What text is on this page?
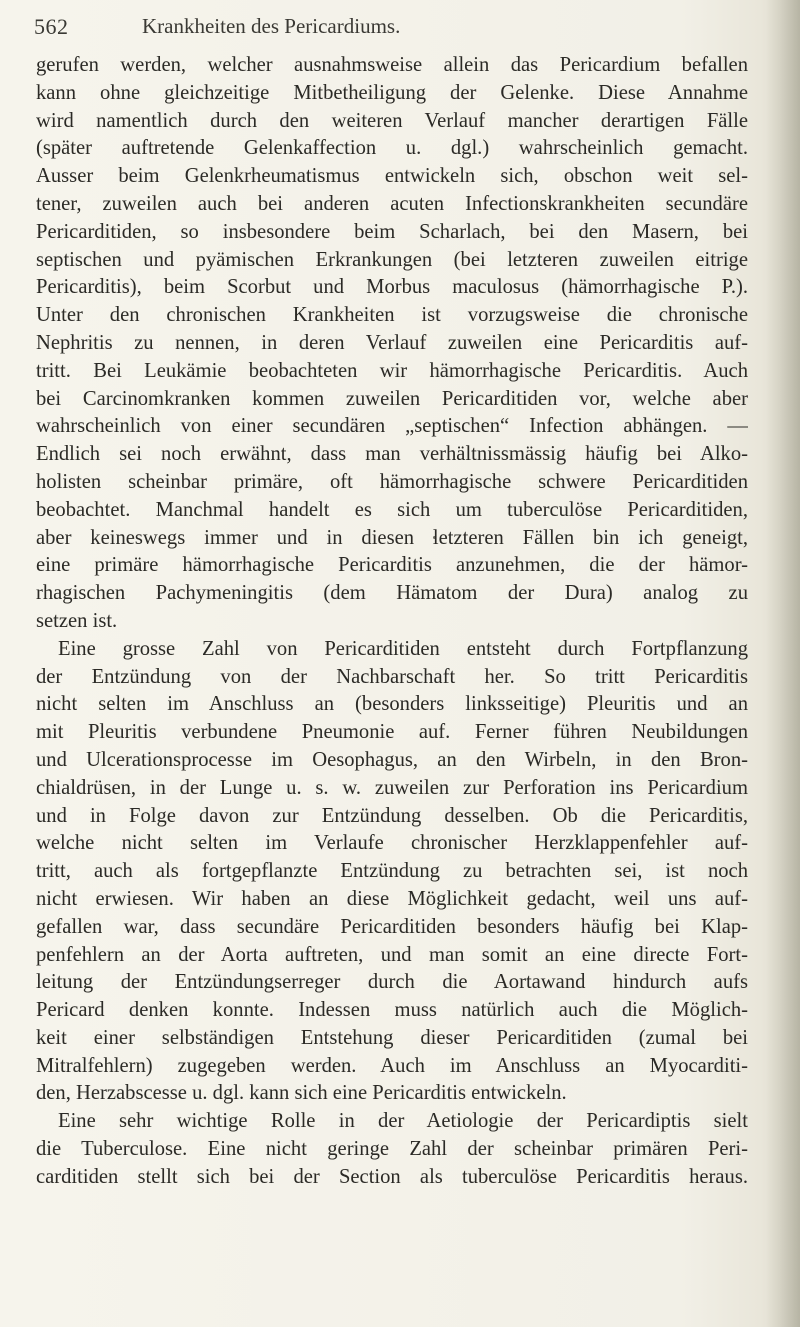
562	Krankheiten des Pericardiums.
gerufen werden, welcher ausnahmsweise allein das Pericardium befallen
kann ohne gleichzeitige Mitbetheiligung der Gelenke. Diese Annahme
wird namentlich durch den weiteren Verlauf mancher derartigen Fälle
(später auftretende Gelenkaffection u. dgl.) wahrscheinlich gemacht.
Ausser beim Gelenkrheumatismus entwickeln sich, obschon weit sel-
tener, zuweilen auch bei anderen acuten Infectionskrankheiten secundäre
Pericarditiden, so insbesondere beim Scharlach, bei den Masern, bei
septischen und pyämischen Erkrankungen (bei letzteren zuweilen eitrige
Pericarditis), beim Scorbut und Morbus maculosus (hämorrhagische P.).
Unter den chronischen Krankheiten ist vorzugsweise die chronische
Nephritis zu nennen, in deren Verlauf zuweilen eine Pericarditis auf-
tritt. Bei Leukämie beobachteten wir hämorrhagische Pericarditis. Auch
bei Carcinomkranken kommen zuweilen Pericarditiden vor, welche aber
wahrscheinlich von einer secundären „septischen“ Infection abhängen. —
Endlich sei noch erwähnt, dass man verhältnissmässig häufig bei Alko-
holisten scheinbar primäre, oft hämorrhagische schwere Pericarditiden
beobachtet. Manchmal handelt es sich um tuberculöse Pericarditiden,
aber keineswegs immer und in diesen letzteren Fällen bin ich geneigt,
eine primäre hämorrhagische Pericarditis anzunehmen, die der hämor-
rhagischen Pachymeningitis (dem Hämatom der Dura) analog zu
setzen ist.
Eine grosse Zahl von Pericarditiden entsteht durch Fortpflanzung
der Entzündung von der Nachbarschaft her. So tritt Pericarditis
nicht selten im Anschluss an (besonders linksseitige) Pleuritis und an
mit Pleuritis verbundene Pneumonie auf. Ferner führen Neubildungen
und Ulcerationsprocesse im Oesophagus, an den Wirbeln, in den Bron-
chialdrüsen, in der Lunge u. s. w. zuweilen zur Perforation ins Pericardium
und in Folge davon zur Entzündung desselben. Ob die Pericarditis,
welche nicht selten im Verlaufe chronischer Herzklappenfehler auf-
tritt, auch als fortgepflanzte Entzündung zu betrachten sei, ist noch
nicht erwiesen. Wir haben an diese Möglichkeit gedacht, weil uns auf-
gefallen war, dass secundäre Pericarditiden besonders häufig bei Klap-
penfehlern an der Aorta auftreten, und man somit an eine directe Fort-
leitung der Entzündungserreger durch die Aortawand hindurch aufs
Pericard denken konnte. Indessen muss natürlich auch die Möglich-
keit einer selbständigen Entstehung dieser Pericarditiden (zumal bei
Mitralfehlern) zugegeben werden. Auch im Anschluss an Myocarditi-
den, Herzabscesse u. dgl. kann sich eine Pericarditis entwickeln.
Eine sehr wichtige Rolle in der Aetiologie der Pericardiptis sielt
die Tuberculose. Eine nicht geringe Zahl der scheinbar primären Peri-
carditiden stellt sich bei der Section als tuberculöse Pericarditis heraus.
